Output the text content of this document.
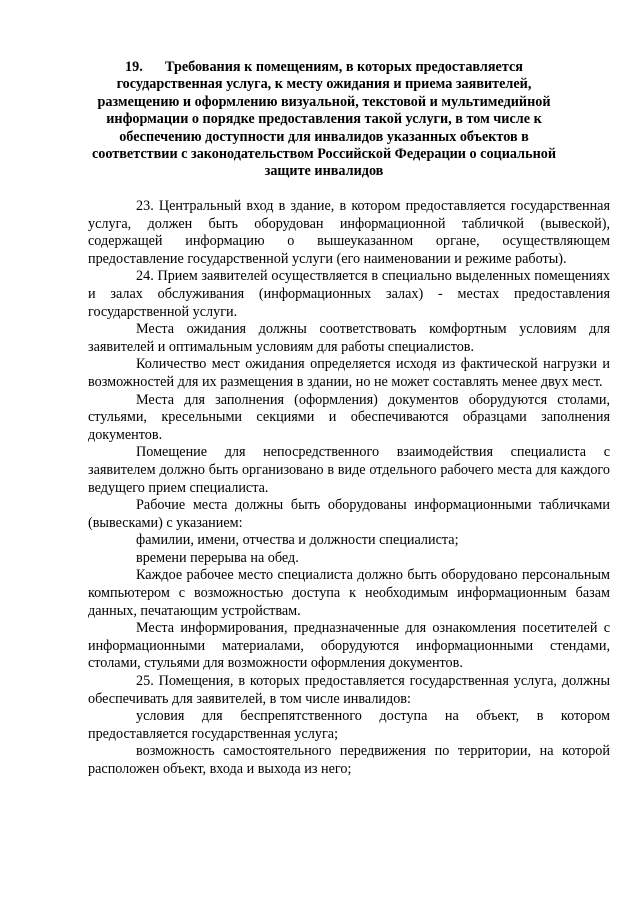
19. Требования к помещениям, в которых предоставляется государственная услуга, к месту ожидания и приема заявителей, размещению и оформлению визуальной, текстовой и мультимедийной информации о порядке предоставления такой услуги, в том числе к обеспечению доступности для инвалидов указанных объектов в соответствии с законодательством Российской Федерации о социальной защите инвалидов

23. Центральный вход в здание, в котором предоставляется государственная услуга, должен быть оборудован информационной табличкой (вывеской), содержащей информацию о вышеуказанном органе, осуществляющем предоставление государственной услуги (его наименовании и режиме работы).

24. Прием заявителей осуществляется в специально выделенных помещениях и залах обслуживания (информационных залах) - местах предоставления государственной услуги.

Места ожидания должны соответствовать комфортным условиям для заявителей и оптимальным условиям для работы специалистов.

Количество мест ожидания определяется исходя из фактической нагрузки и возможностей для их размещения в здании, но не может составлять менее двух мест.

Места для заполнения (оформления) документов оборудуются столами, стульями, кресельными секциями и обеспечиваются образцами заполнения документов.

Помещение для непосредственного взаимодействия специалиста с заявителем должно быть организовано в виде отдельного рабочего места для каждого ведущего прием специалиста.

Рабочие места должны быть оборудованы информационными табличками (вывесками) с указанием:

фамилии, имени, отчества и должности специалиста;

времени перерыва на обед.

Каждое рабочее место специалиста должно быть оборудовано персональным компьютером с возможностью доступа к необходимым информационным базам данных, печатающим устройствам.

Места информирования, предназначенные для ознакомления посетителей с информационными материалами, оборудуются информационными стендами, столами, стульями для возможности оформления документов.

25. Помещения, в которых предоставляется государственная услуга, должны обеспечивать для заявителей, в том числе инвалидов:

условия для беспрепятственного доступа на объект, в котором предоставляется государственная услуга;

возможность самостоятельного передвижения по территории, на которой расположен объект, входа и выхода из него;
